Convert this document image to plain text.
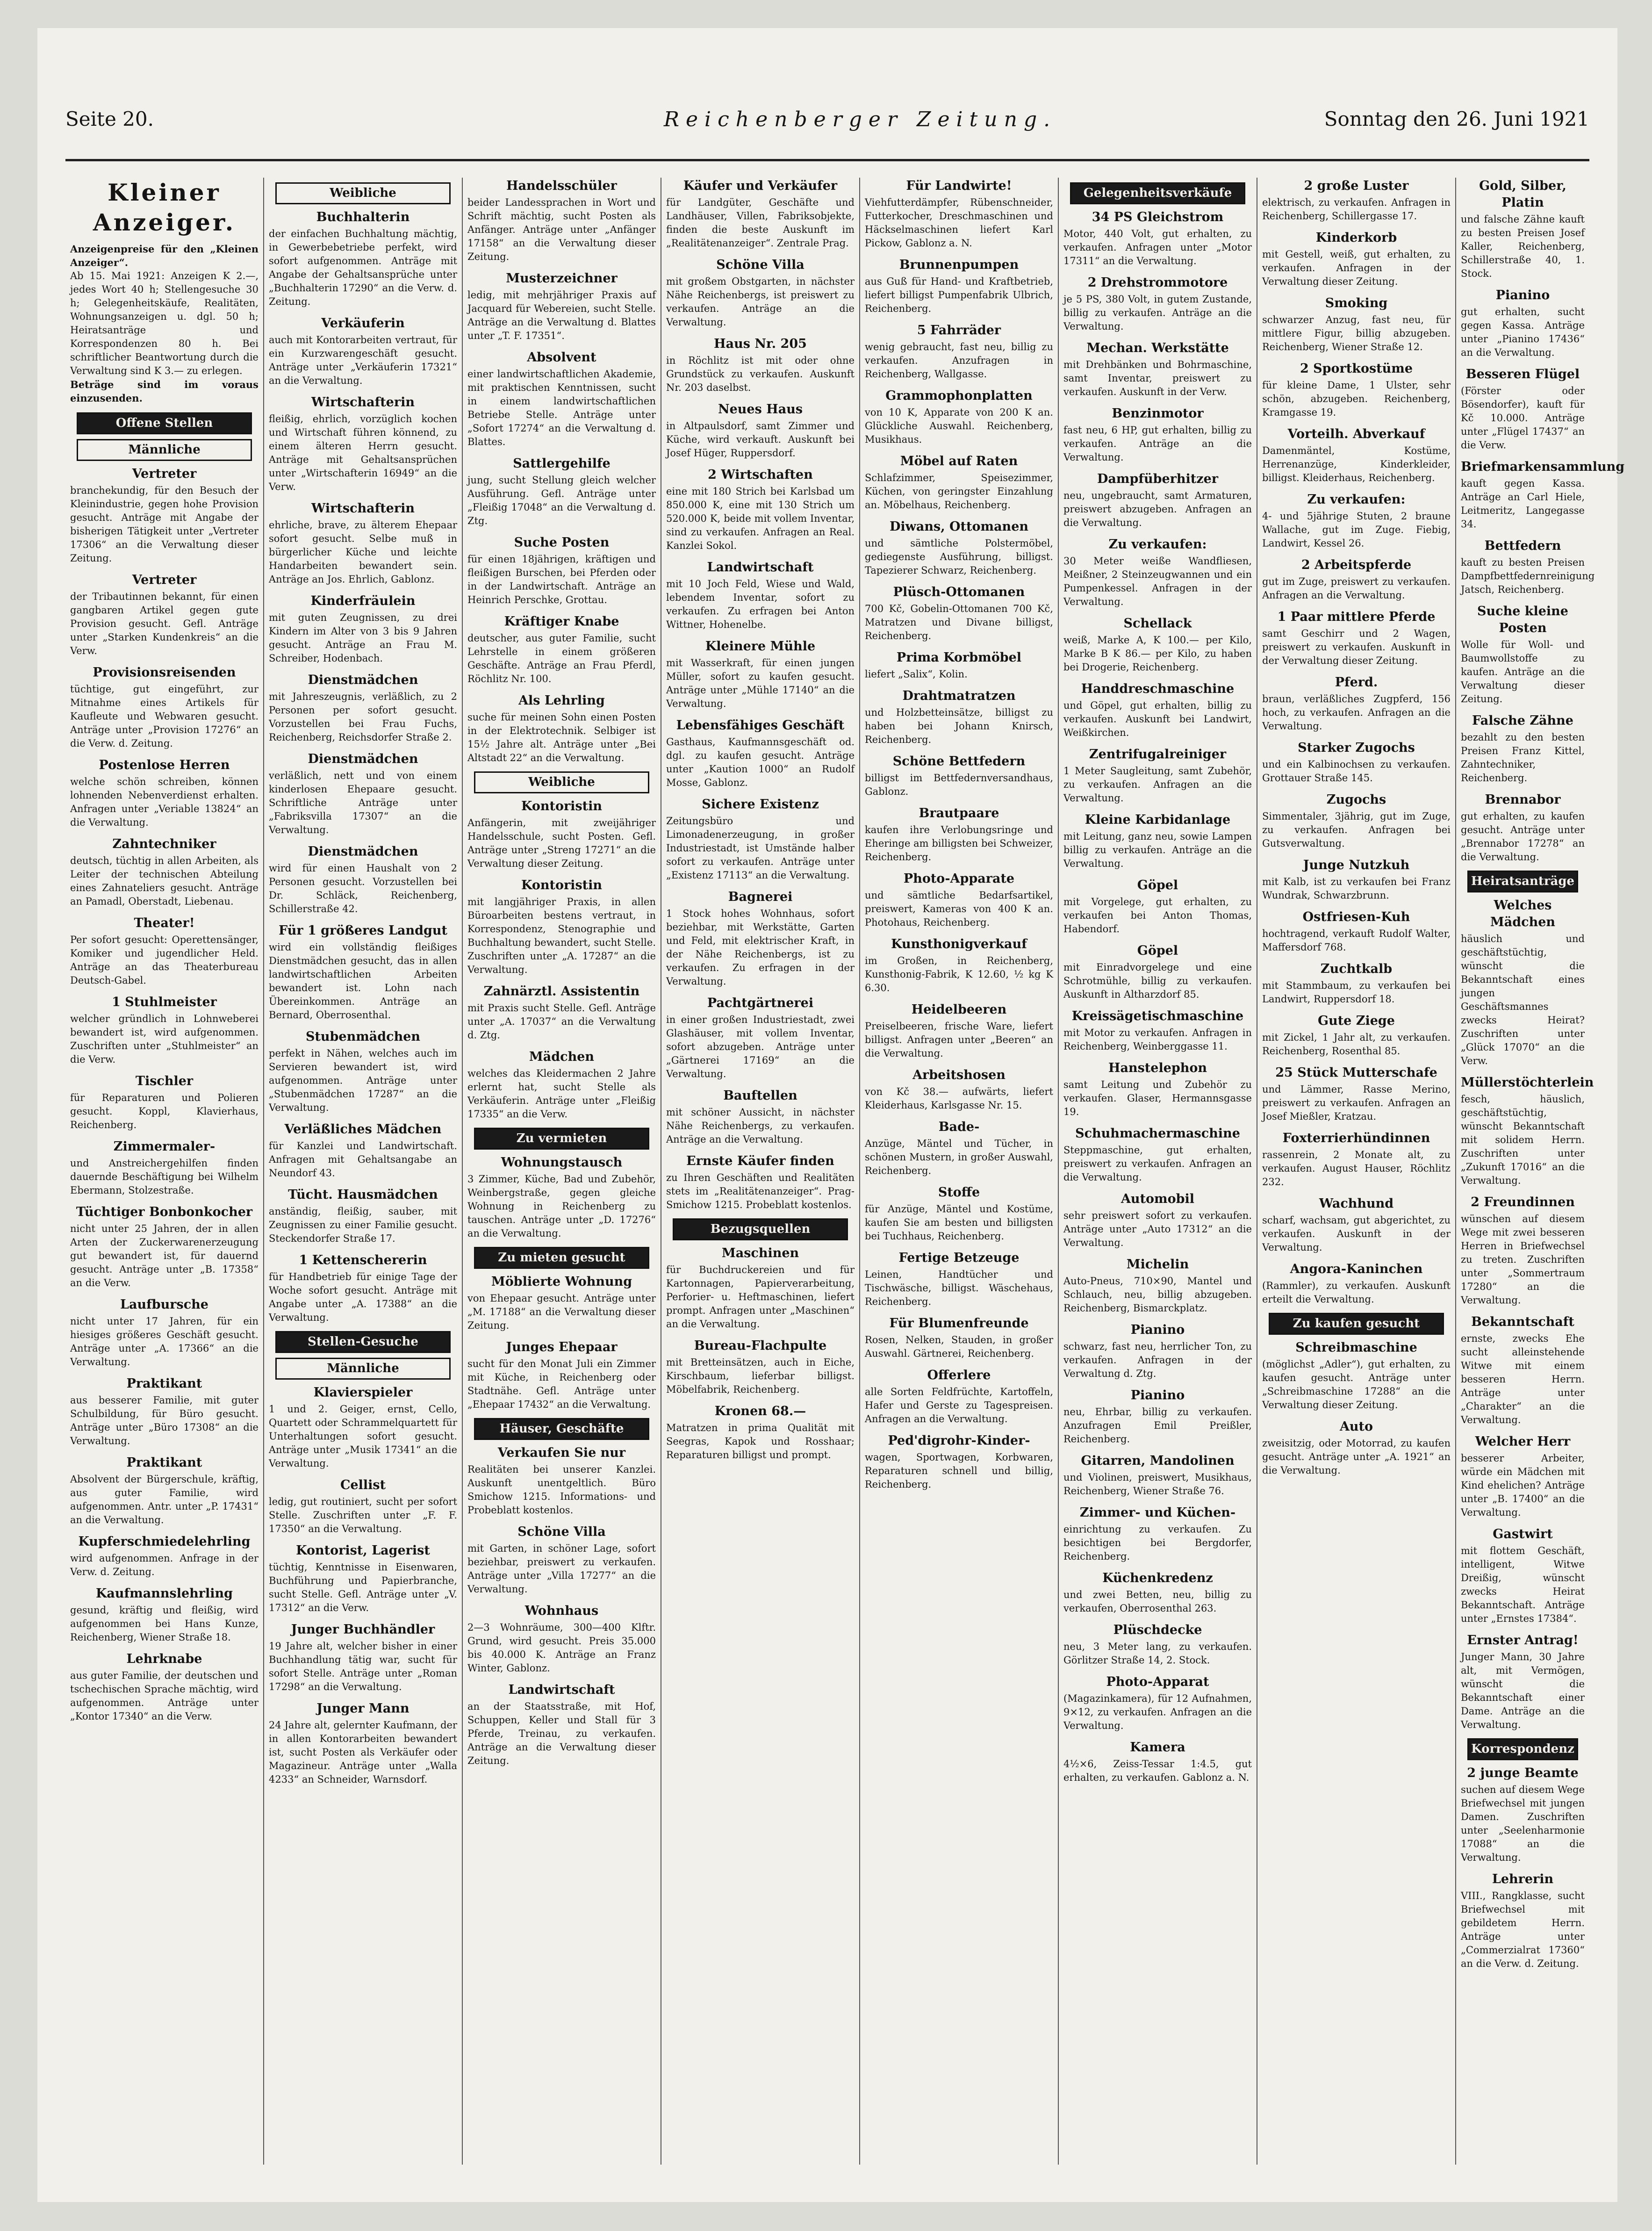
Seite 20.	Reichenberger Zeitung.	Sonntag den 26. Juni 1921
Kleiner Anzeiger.
Anzeigenpreise für den „Kleinen Anzeiger“.
Ab 15. Mai 1921: Anzeigen K 2.—, jedes Wort 40 h; Stellengesuche 30 h; Gelegenheitskäufe, Realitäten, Wohnungsanzeigen u. dgl. 50 h; Heiratsanträge und Korrespondenzen 80 h. Bei schriftlicher Beantwortung durch die Verwaltung sind K 3.— zu erlegen.
Beträge sind im voraus einzusenden.
Offene Stellen
Männliche
Vertreter
branchekundig, für den Besuch der Kleinindustrie, gegen hohe Provision gesucht. Anträge mit Angabe der bisherigen Tätigkeit unter „Vertreter 17306“ an die Verwaltung dieser Zeitung.
Vertreter
der Tribautinnen bekannt, für einen gangbaren Artikel gegen gute Provision gesucht. Gefl. Anträge unter „Starken Kundenkreis“ an die Verw.
Provisionsreisenden
tüchtige, gut eingeführt, zur Mitnahme eines Artikels für Kaufleute und Webwaren gesucht. Anträge unter „Provision 17276“ an die Verw. d. Zeitung.
Postenlose Herren
welche schön schreiben, können lohnenden Nebenverdienst erhalten. Anfragen unter „Veriable 13824“ an die Verwaltung.
Zahntechniker
deutsch, tüchtig in allen Arbeiten, als Leiter der technischen Abteilung eines Zahnateliers gesucht. Anträge an Pamadl, Oberstadt, Liebenau.
Theater!
Per sofort gesucht: Operettensänger, Komiker und jugendlicher Held. Anträge an das Theaterbureau Deutsch-Gabel.
1 Stuhlmeister
welcher gründlich in Lohnweberei bewandert ist, wird aufgenommen. Zuschriften unter „Stuhlmeister“ an die Verw.
Tischler
für Reparaturen und Polieren gesucht. Koppl, Klavierhaus, Reichenberg.
Zimmermaler-
und Anstreichergehilfen finden dauernde Beschäftigung bei Wilhelm Ebermann, Stolzestraße.
Tüchtiger Bonbonkocher
nicht unter 25 Jahren, der in allen Arten der Zuckerwarenerzeugung gut bewandert ist, für dauernd gesucht. Anträge unter „B. 17358“ an die Verw.
Laufbursche
nicht unter 17 Jahren, für ein hiesiges größeres Geschäft gesucht. Anträge unter „A. 17366“ an die Verwaltung.
Praktikant
aus besserer Familie, mit guter Schulbildung, für Büro gesucht. Anträge unter „Büro 17308“ an die Verwaltung.
Praktikant
Absolvent der Bürgerschule, kräftig, aus guter Familie, wird aufgenommen. Antr. unter „P. 17431“ an die Verwaltung.
Kupferschmiedelehrling
wird aufgenommen. Anfrage in der Verw. d. Zeitung.
Kaufmannslehrling
gesund, kräftig und fleißig, wird aufgenommen bei Hans Kunze, Reichenberg, Wiener Straße 18.
Lehrknabe
aus guter Familie, der deutschen und tschechischen Sprache mächtig, wird aufgenommen. Anträge unter „Kontor 17340“ an die Verw.
Weibliche
Buchhalterin
der einfachen Buchhaltung mächtig, in Gewerbebetriebe perfekt, wird sofort aufgenommen. Anträge mit Angabe der Gehaltsansprüche unter „Buchhalterin 17290“ an die Verw. d. Zeitung.
Verkäuferin
auch mit Kontorarbeiten vertraut, für ein Kurzwarengeschäft gesucht. Anträge unter „Verkäuferin 17321“ an die Verwaltung.
Wirtschafterin
fleißig, ehrlich, vorzüglich kochen und Wirtschaft führen könnend, zu einem älteren Herrn gesucht. Anträge mit Gehaltsansprüchen unter „Wirtschafterin 16949“ an die Verw.
Wirtschafterin
ehrliche, brave, zu älterem Ehepaar sofort gesucht. Selbe muß in bürgerlicher Küche und leichte Handarbeiten bewandert sein. Anträge an Jos. Ehrlich, Gablonz.
Kinderfräulein
mit guten Zeugnissen, zu drei Kindern im Alter von 3 bis 9 Jahren gesucht. Anträge an Frau M. Schreiber, Hodenbach.
Dienstmädchen
mit Jahreszeugnis, verläßlich, zu 2 Personen per sofort gesucht. Vorzustellen bei Frau Fuchs, Reichenberg, Reichsdorfer Straße 2.
Dienstmädchen
verläßlich, nett und von einem kinderlosen Ehepaare gesucht. Schriftliche Anträge unter „Fabriksvilla 17307“ an die Verwaltung.
Dienstmädchen
wird für einen Haushalt von 2 Personen gesucht. Vorzustellen bei Dr. Schläck, Reichenberg, Schillerstraße 42.
Für 1 größeres Landgut
wird ein vollständig fleißiges Dienstmädchen gesucht, das in allen landwirtschaftlichen Arbeiten bewandert ist. Lohn nach Übereinkommen. Anträge an Bernard, Oberrosenthal.
Stubenmädchen
perfekt in Nähen, welches auch im Servieren bewandert ist, wird aufgenommen. Anträge unter „Stubenmädchen 17287“ an die Verwaltung.
Verläßliches Mädchen
für Kanzlei und Landwirtschaft. Anfragen mit Gehaltsangabe an Neundorf 43.
Tücht. Hausmädchen
anständig, fleißig, sauber, mit Zeugnissen zu einer Familie gesucht. Steckendorfer Straße 17.
1 Kettenschererin
für Handbetrieb für einige Tage der Woche sofort gesucht. Anträge mit Angabe unter „A. 17388“ an die Verwaltung.
Stellen-Gesuche
Männliche
Klavierspieler
1 und 2. Geiger, ernst, Cello, Quartett oder Schrammelquartett für Unterhaltungen sofort gesucht. Anträge unter „Musik 17341“ an die Verwaltung.
Cellist
ledig, gut routiniert, sucht per sofort Stelle. Zuschriften unter „F. F. 17350“ an die Verwaltung.
Kontorist, Lagerist
tüchtig, Kenntnisse in Eisenwaren, Buchführung und Papierbranche, sucht Stelle. Gefl. Anträge unter „V. 17312“ an die Verw.
Junger Buchhändler
19 Jahre alt, welcher bisher in einer Buchhandlung tätig war, sucht für sofort Stelle. Anträge unter „Roman 17298“ an die Verwaltung.
Junger Mann
24 Jahre alt, gelernter Kaufmann, der in allen Kontorarbeiten bewandert ist, sucht Posten als Verkäufer oder Magazineur. Anträge unter „Walla 4233“ an Schneider, Warnsdorf.
Handelsschüler
beider Landessprachen in Wort und Schrift mächtig, sucht Posten als Anfänger. Anträge unter „Anfänger 17158“ an die Verwaltung dieser Zeitung.
Musterzeichner
ledig, mit mehrjähriger Praxis auf Jacquard für Webereien, sucht Stelle. Anträge an die Verwaltung d. Blattes unter „T. F. 17351“.
Absolvent
einer landwirtschaftlichen Akademie, mit praktischen Kenntnissen, sucht in einem landwirtschaftlichen Betriebe Stelle. Anträge unter „Sofort 17274“ an die Verwaltung d. Blattes.
Sattlergehilfe
jung, sucht Stellung gleich welcher Ausführung. Gefl. Anträge unter „Fleißig 17048“ an die Verwaltung d. Ztg.
Suche Posten
für einen 18jährigen, kräftigen und fleißigen Burschen, bei Pferden oder in der Landwirtschaft. Anträge an Heinrich Perschke, Grottau.
Kräftiger Knabe
deutscher, aus guter Familie, sucht Lehrstelle in einem größeren Geschäfte. Anträge an Frau Pferdl, Röchlitz Nr. 100.
Als Lehrling
suche für meinen Sohn einen Posten in der Elektrotechnik. Selbiger ist 15½ Jahre alt. Anträge unter „Bei Altstadt 22“ an die Verwaltung.
Weibliche
Kontoristin
Anfängerin, mit zweijähriger Handelsschule, sucht Posten. Gefl. Anträge unter „Streng 17271“ an die Verwaltung dieser Zeitung.
Kontoristin
mit langjähriger Praxis, in allen Büroarbeiten bestens vertraut, in Korrespondenz, Stenographie und Buchhaltung bewandert, sucht Stelle. Zuschriften unter „A. 17287“ an die Verwaltung.
Zahnärztl. Assistentin
mit Praxis sucht Stelle. Gefl. Anträge unter „A. 17037“ an die Verwaltung d. Ztg.
Mädchen
welches das Kleidermachen 2 Jahre erlernt hat, sucht Stelle als Verkäuferin. Anträge unter „Fleißig 17335“ an die Verw.
Zu vermieten
Wohnungstausch
3 Zimmer, Küche, Bad und Zubehör, Weinbergstraße, gegen gleiche Wohnung in Reichenberg zu tauschen. Anträge unter „D. 17276“ an die Verwaltung.
Zu mieten gesucht
Möblierte Wohnung
von Ehepaar gesucht. Anträge unter „M. 17188“ an die Verwaltung dieser Zeitung.
Junges Ehepaar
sucht für den Monat Juli ein Zimmer mit Küche, in Reichenberg oder Stadtnähe. Gefl. Anträge unter „Ehepaar 17432“ an die Verwaltung.
Häuser, Geschäfte
Verkaufen Sie nur
Realitäten bei unserer Kanzlei. Auskunft unentgeltlich. Büro Smichow 1215. Informations- und Probeblatt kostenlos.
Schöne Villa
mit Garten, in schöner Lage, sofort beziehbar, preiswert zu verkaufen. Anträge unter „Villa 17277“ an die Verwaltung.
Wohnhaus
2—3 Wohnräume, 300—400 Klftr. Grund, wird gesucht. Preis 35.000 bis 40.000 K. Anträge an Franz Winter, Gablonz.
Landwirtschaft
an der Staatsstraße, mit Hof, Schuppen, Keller und Stall für 3 Pferde, Treinau, zu verkaufen. Anträge an die Verwaltung dieser Zeitung.
Käufer und Verkäufer
für Landgüter, Geschäfte und Landhäuser, Villen, Fabriksobjekte, finden die beste Auskunft im „Realitätenanzeiger“. Zentrale Prag.
Schöne Villa
mit großem Obstgarten, in nächster Nähe Reichenbergs, ist preiswert zu verkaufen. Anträge an die Verwaltung.
Haus Nr. 205
in Röchlitz ist mit oder ohne Grundstück zu verkaufen. Auskunft Nr. 203 daselbst.
Neues Haus
in Altpaulsdorf, samt Zimmer und Küche, wird verkauft. Auskunft bei Josef Hüger, Ruppersdorf.
2 Wirtschaften
eine mit 180 Strich bei Karlsbad um 850.000 K, eine mit 130 Strich um 520.000 K, beide mit vollem Inventar, sind zu verkaufen. Anfragen an Real. Kanzlei Sokol.
Landwirtschaft
mit 10 Joch Feld, Wiese und Wald, lebendem Inventar, sofort zu verkaufen. Zu erfragen bei Anton Wittner, Hohenelbe.
Kleinere Mühle
mit Wasserkraft, für einen jungen Müller, sofort zu kaufen gesucht. Anträge unter „Mühle 17140“ an die Verwaltung.
Lebensfähiges Geschäft
Gasthaus, Kaufmannsgeschäft od. dgl. zu kaufen gesucht. Anträge unter „Kaution 1000“ an Rudolf Mosse, Gablonz.
Sichere Existenz
Zeitungsbüro und Limonadenerzeugung, in großer Industriestadt, ist Umstände halber sofort zu verkaufen. Anträge unter „Existenz 17113“ an die Verwaltung.
Bagnerei
1 Stock hohes Wohnhaus, sofort beziehbar, mit Werkstätte, Garten und Feld, mit elektrischer Kraft, in der Nähe Reichenbergs, ist zu verkaufen. Zu erfragen in der Verwaltung.
Pachtgärtnerei
in einer großen Industriestadt, zwei Glashäuser, mit vollem Inventar, sofort abzugeben. Anträge unter „Gärtnerei 17169“ an die Verwaltung.
Bauftellen
mit schöner Aussicht, in nächster Nähe Reichenbergs, zu verkaufen. Anträge an die Verwaltung.
Ernste Käufer finden
zu Ihren Geschäften und Realitäten stets im „Realitätenanzeiger“. Prag-Smichow 1215. Probeblatt kostenlos.
Bezugsquellen
Maschinen
für Buchdruckereien und für Kartonnagen, Papierverarbeitung, Perforier- u. Heftmaschinen, liefert prompt. Anfragen unter „Maschinen“ an die Verwaltung.
Bureau-Flachpulte
mit Bretteinsätzen, auch in Eiche, Kirschbaum, lieferbar billigst. Möbelfabrik, Reichenberg.
Kronen 68.—
Matratzen in prima Qualität mit Seegras, Kapok und Rosshaar; Reparaturen billigst und prompt.
Für Landwirte!
Viehfutterdämpfer, Rübenschneider, Futterkocher, Dreschmaschinen und Häckselmaschinen liefert Karl Pickow, Gablonz a. N.
Brunnenpumpen
aus Guß für Hand- und Kraftbetrieb, liefert billigst Pumpenfabrik Ulbrich, Reichenberg.
5 Fahrräder
wenig gebraucht, fast neu, billig zu verkaufen. Anzufragen in Reichenberg, Wallgasse.
Grammophonplatten
von 10 K, Apparate von 200 K an. Glückliche Auswahl. Reichenberg, Musikhaus.
Möbel auf Raten
Schlafzimmer, Speisezimmer, Küchen, von geringster Einzahlung an. Möbelhaus, Reichenberg.
Diwans, Ottomanen
und sämtliche Polstermöbel, gediegenste Ausführung, billigst. Tapezierer Schwarz, Reichenberg.
Plüsch-Ottomanen
700 Kč, Gobelin-Ottomanen 700 Kč, Matratzen und Divane billigst, Reichenberg.
Prima Korbmöbel
liefert „Salix“, Kolin.
Drahtmatratzen
und Holzbetteinsätze, billigst zu haben bei Johann Knirsch, Reichenberg.
Schöne Bettfedern
billigst im Bettfedernversandhaus, Gablonz.
Brautpaare
kaufen ihre Verlobungsringe und Eheringe am billigsten bei Schweizer, Reichenberg.
Photo-Apparate
und sämtliche Bedarfsartikel, preiswert, Kameras von 400 K an. Photohaus, Reichenberg.
Kunsthonigverkauf
im Großen, in Reichenberg, Kunsthonig-Fabrik, K 12.60, ½ kg K 6.30.
Heidelbeeren
Preiselbeeren, frische Ware, liefert billigst. Anfragen unter „Beeren“ an die Verwaltung.
Arbeitshosen
von Kč 38.— aufwärts, liefert Kleiderhaus, Karlsgasse Nr. 15.
Bade-
Anzüge, Mäntel und Tücher, in schönen Mustern, in großer Auswahl, Reichenberg.
Stoffe
für Anzüge, Mäntel und Kostüme, kaufen Sie am besten und billigsten bei Tuchhaus, Reichenberg.
Fertige Betzeuge
Leinen, Handtücher und Tischwäsche, billigst. Wäschehaus, Reichenberg.
Für Blumenfreunde
Rosen, Nelken, Stauden, in großer Auswahl. Gärtnerei, Reichenberg.
Offerlere
alle Sorten Feldfrüchte, Kartoffeln, Hafer und Gerste zu Tagespreisen. Anfragen an die Verwaltung.
Ped'digrohr-Kinder-
wagen, Sportwagen, Korbwaren, Reparaturen schnell und billig, Reichenberg.
Gelegenheitsverkäufe
34 PS Gleichstrom
Motor, 440 Volt, gut erhalten, zu verkaufen. Anfragen unter „Motor 17311“ an die Verwaltung.
2 Drehstrommotore
je 5 PS, 380 Volt, in gutem Zustande, billig zu verkaufen. Anträge an die Verwaltung.
Mechan. Werkstätte
mit Drehbänken und Bohrmaschine, samt Inventar, preiswert zu verkaufen. Auskunft in der Verw.
Benzinmotor
fast neu, 6 HP, gut erhalten, billig zu verkaufen. Anträge an die Verwaltung.
Dampfüberhitzer
neu, ungebraucht, samt Armaturen, preiswert abzugeben. Anfragen an die Verwaltung.
Zu verkaufen:
30 Meter weiße Wandfliesen, Meißner, 2 Steinzeugwannen und ein Pumpenkessel. Anfragen in der Verwaltung.
Schellack
weiß, Marke A, K 100.— per Kilo, Marke B K 86.— per Kilo, zu haben bei Drogerie, Reichenberg.
Handdreschmaschine
und Göpel, gut erhalten, billig zu verkaufen. Auskunft bei Landwirt, Weißkirchen.
Zentrifugalreiniger
1 Meter Saugleitung, samt Zubehör, zu verkaufen. Anfragen an die Verwaltung.
Kleine Karbidanlage
mit Leitung, ganz neu, sowie Lampen billig zu verkaufen. Anträge an die Verwaltung.
Göpel
mit Vorgelege, gut erhalten, zu verkaufen bei Anton Thomas, Habendorf.
Göpel
mit Einradvorgelege und eine Schrotmühle, billig zu verkaufen. Auskunft in Altharzdorf 85.
Kreissägetischmaschine
mit Motor zu verkaufen. Anfragen in Reichenberg, Weinberggasse 11.
Hanstelephon
samt Leitung und Zubehör zu verkaufen. Glaser, Hermannsgasse 19.
Schuhmachermaschine
Steppmaschine, gut erhalten, preiswert zu verkaufen. Anfragen an die Verwaltung.
Automobil
sehr preiswert sofort zu verkaufen. Anträge unter „Auto 17312“ an die Verwaltung.
Michelin
Auto-Pneus, 710×90, Mantel und Schlauch, neu, billig abzugeben. Reichenberg, Bismarckplatz.
Pianino
schwarz, fast neu, herrlicher Ton, zu verkaufen. Anfragen in der Verwaltung d. Ztg.
Pianino
neu, Ehrbar, billig zu verkaufen. Anzufragen Emil Preißler, Reichenberg.
Gitarren, Mandolinen
und Violinen, preiswert, Musikhaus, Reichenberg, Wiener Straße 76.
Zimmer- und Küchen-
einrichtung zu verkaufen. Zu besichtigen bei Bergdorfer, Reichenberg.
Küchenkredenz
und zwei Betten, neu, billig zu verkaufen, Oberrosenthal 263.
Plüschdecke
neu, 3 Meter lang, zu verkaufen. Görlitzer Straße 14, 2. Stock.
Photo-Apparat
(Magazinkamera), für 12 Aufnahmen, 9×12, zu verkaufen. Anfragen an die Verwaltung.
Kamera
4½×6, Zeiss-Tessar 1:4.5, gut erhalten, zu verkaufen. Gablonz a. N.
2 große Luster
elektrisch, zu verkaufen. Anfragen in Reichenberg, Schillergasse 17.
Kinderkorb
mit Gestell, weiß, gut erhalten, zu verkaufen. Anfragen in der Verwaltung dieser Zeitung.
Smoking
schwarzer Anzug, fast neu, für mittlere Figur, billig abzugeben. Reichenberg, Wiener Straße 12.
2 Sportkostüme
für kleine Dame, 1 Ulster, sehr schön, abzugeben. Reichenberg, Kramgasse 19.
Vorteilh. Abverkauf
Damenmäntel, Kostüme, Herrenanzüge, Kinderkleider, billigst. Kleiderhaus, Reichenberg.
Zu verkaufen:
4- und 5jährige Stuten, 2 braune Wallache, gut im Zuge. Fiebig, Landwirt, Kessel 26.
2 Arbeitspferde
gut im Zuge, preiswert zu verkaufen. Anfragen an die Verwaltung.
1 Paar mittlere Pferde
samt Geschirr und 2 Wagen, preiswert zu verkaufen. Auskunft in der Verwaltung dieser Zeitung.
Pferd.
braun, verläßliches Zugpferd, 156 hoch, zu verkaufen. Anfragen an die Verwaltung.
Starker Zugochs
und ein Kalbinochsen zu verkaufen. Grottauer Straße 145.
Zugochs
Simmentaler, 3jährig, gut im Zuge, zu verkaufen. Anfragen bei Gutsverwaltung.
Junge Nutzkuh
mit Kalb, ist zu verkaufen bei Franz Wundrak, Schwarzbrunn.
Ostfriesen-Kuh
hochtragend, verkauft Rudolf Walter, Maffersdorf 768.
Zuchtkalb
mit Stammbaum, zu verkaufen bei Landwirt, Ruppersdorf 18.
Gute Ziege
mit Zickel, 1 Jahr alt, zu verkaufen. Reichenberg, Rosenthal 85.
25 Stück Mutterschafe
und Lämmer, Rasse Merino, preiswert zu verkaufen. Anfragen an Josef Mießler, Kratzau.
Foxterrierhündinnen
rassenrein, 2 Monate alt, zu verkaufen. August Hauser, Röchlitz 232.
Wachhund
scharf, wachsam, gut abgerichtet, zu verkaufen. Auskunft in der Verwaltung.
Angora-Kaninchen
(Rammler), zu verkaufen. Auskunft erteilt die Verwaltung.
Zu kaufen gesucht
Schreibmaschine
(möglichst „Adler“), gut erhalten, zu kaufen gesucht. Anträge unter „Schreibmaschine 17288“ an die Verwaltung dieser Zeitung.
Auto
zweisitzig, oder Motorrad, zu kaufen gesucht. Anträge unter „A. 1921“ an die Verwaltung.
Gold, Silber, Platin
und falsche Zähne kauft zu besten Preisen Josef Kaller, Reichenberg, Schillerstraße 40, 1. Stock.
Pianino
gut erhalten, sucht gegen Kassa. Anträge unter „Pianino 17436“ an die Verwaltung.
Besseren Flügel
(Förster oder Bösendorfer), kauft für Kč 10.000. Anträge unter „Flügel 17437“ an die Verw.
Briefmarkensammlung
kauft gegen Kassa. Anträge an Carl Hiele, Leitmeritz, Langegasse 34.
Bettfedern
kauft zu besten Preisen Dampfbettfedernreinigung Jatsch, Reichenberg.
Suche kleine Posten
Wolle für Woll- und Baumwollstoffe zu kaufen. Anträge an die Verwaltung dieser Zeitung.
Falsche Zähne
bezahlt zu den besten Preisen Franz Kittel, Zahntechniker, Reichenberg.
Brennabor
gut erhalten, zu kaufen gesucht. Anträge unter „Brennabor 17278“ an die Verwaltung.
Heiratsanträge
Welches Mädchen
häuslich und geschäftstüchtig, wünscht die Bekanntschaft eines jungen Geschäftsmannes zwecks Heirat? Zuschriften unter „Glück 17070“ an die Verw.
Müllerstöchterlein
fesch, häuslich, geschäftstüchtig, wünscht Bekanntschaft mit solidem Herrn. Zuschriften unter „Zukunft 17016“ an die Verwaltung.
2 Freundinnen
wünschen auf diesem Wege mit zwei besseren Herren in Briefwechsel zu treten. Zuschriften unter „Sommertraum 17280“ an die Verwaltung.
Bekanntschaft
ernste, zwecks Ehe sucht alleinstehende Witwe mit einem besseren Herrn. Anträge unter „Charakter“ an die Verwaltung.
Welcher Herr
besserer Arbeiter, würde ein Mädchen mit Kind ehelichen? Anträge unter „B. 17400“ an die Verwaltung.
Gastwirt
mit flottem Geschäft, intelligent, Witwe Dreißig, wünscht zwecks Heirat Bekanntschaft. Anträge unter „Ernstes 17384“.
Ernster Antrag!
Junger Mann, 30 Jahre alt, mit Vermögen, wünscht die Bekanntschaft einer Dame. Anträge an die Verwaltung.
Korrespondenz
2 junge Beamte
suchen auf diesem Wege Briefwechsel mit jungen Damen. Zuschriften unter „Seelenharmonie 17088“ an die Verwaltung.
Lehrerin
VIII., Rangklasse, sucht Briefwechsel mit gebildetem Herrn. Anträge unter „Commerzialrat 17360“ an die Verw. d. Zeitung.
